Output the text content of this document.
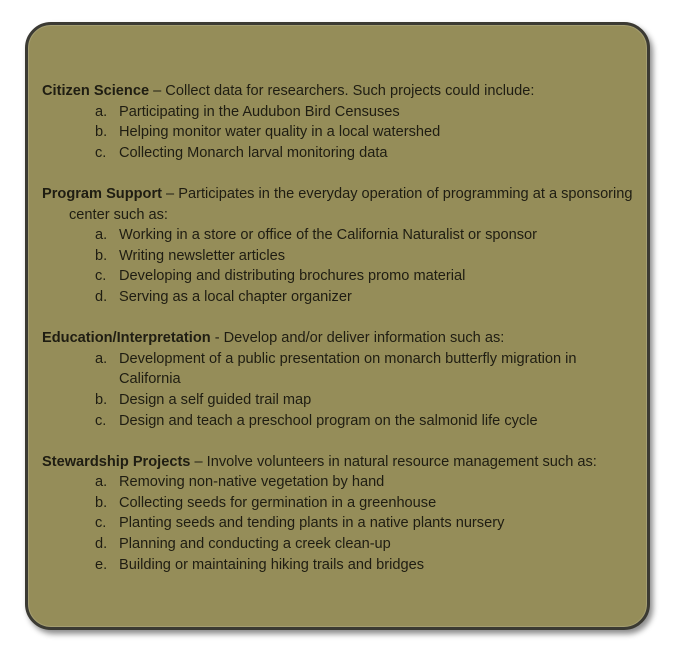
Citizen Science – Collect data for researchers. Such projects could include:
a. Participating in the Audubon Bird Censuses
b. Helping monitor water quality in a local watershed
c. Collecting Monarch larval monitoring data
Program Support – Participates in the everyday operation of programming at a sponsoring center such as:
a. Working in a store or office of the California Naturalist or sponsor
b. Writing newsletter articles
c. Developing and distributing brochures promo material
d. Serving as a local chapter organizer
Education/Interpretation - Develop and/or deliver information such as:
a. Development of a public presentation on monarch butterfly migration in California
b. Design a self guided trail map
c. Design and teach a preschool program on the salmonid life cycle
Stewardship Projects – Involve volunteers in natural resource management such as:
a. Removing non-native vegetation by hand
b. Collecting seeds for germination in a greenhouse
c. Planting seeds and tending plants in a native plants nursery
d. Planning and conducting a creek clean-up
e. Building or maintaining hiking trails and bridges
